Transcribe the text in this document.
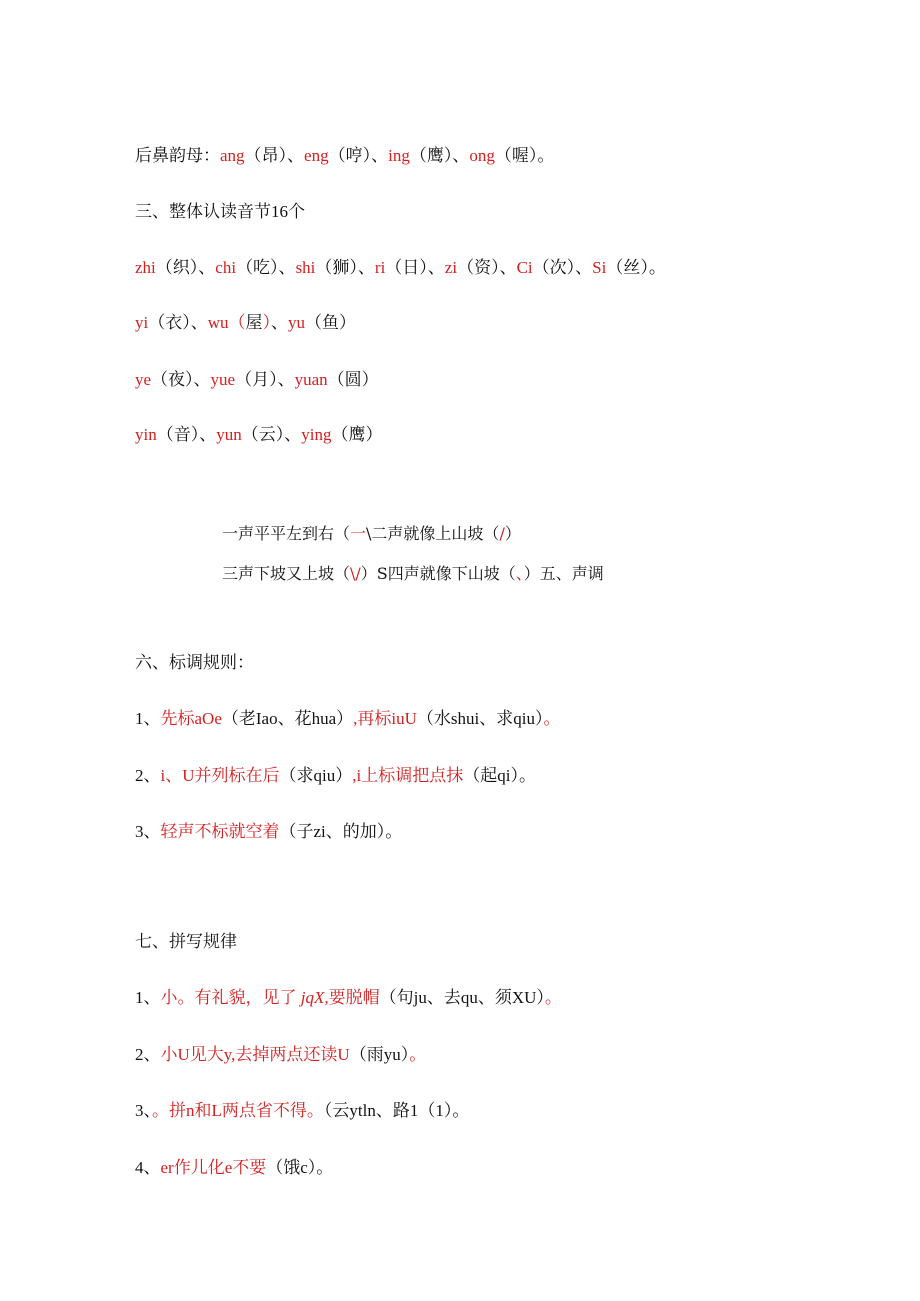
后鼻韵母：ang（昂）、eng（哼）、ing（鹰）、ong（喔）。
三、整体认读音节16个
zhi（织）、chi（吃）、shi（狮）、ri（日）、zi（资）、Ci（次）、Si（丝）。
yi（衣）、wu（屋）、yu（鱼）
ye（夜）、yue（月）、yuan（圆）
yin（音）、yun（云）、ying（鹰）
一声平平左到右（一\二声就像上山坡（/）
三声下坡又上坡（\/）S四声就像下山坡（、）五、声调
六、标调规则：
1、先标aOe（老Iao、花hua）,再标iuU（水shui、求qiu）。
2、i、U并列标在后（求qiu）,i上标调把点抹（起qi）。
3、轻声不标就空着（子zi、的加）。
七、拼写规律
1、小。有礼貌，见了 jqX,要脱帽（句ju、去qu、须XU）。
2、小U见大y,去掉两点还读U（雨yu）。
3、。拼n和L两点省不得。（云ytln、路1（1）。
4、er作儿化e不要（饿c）。
